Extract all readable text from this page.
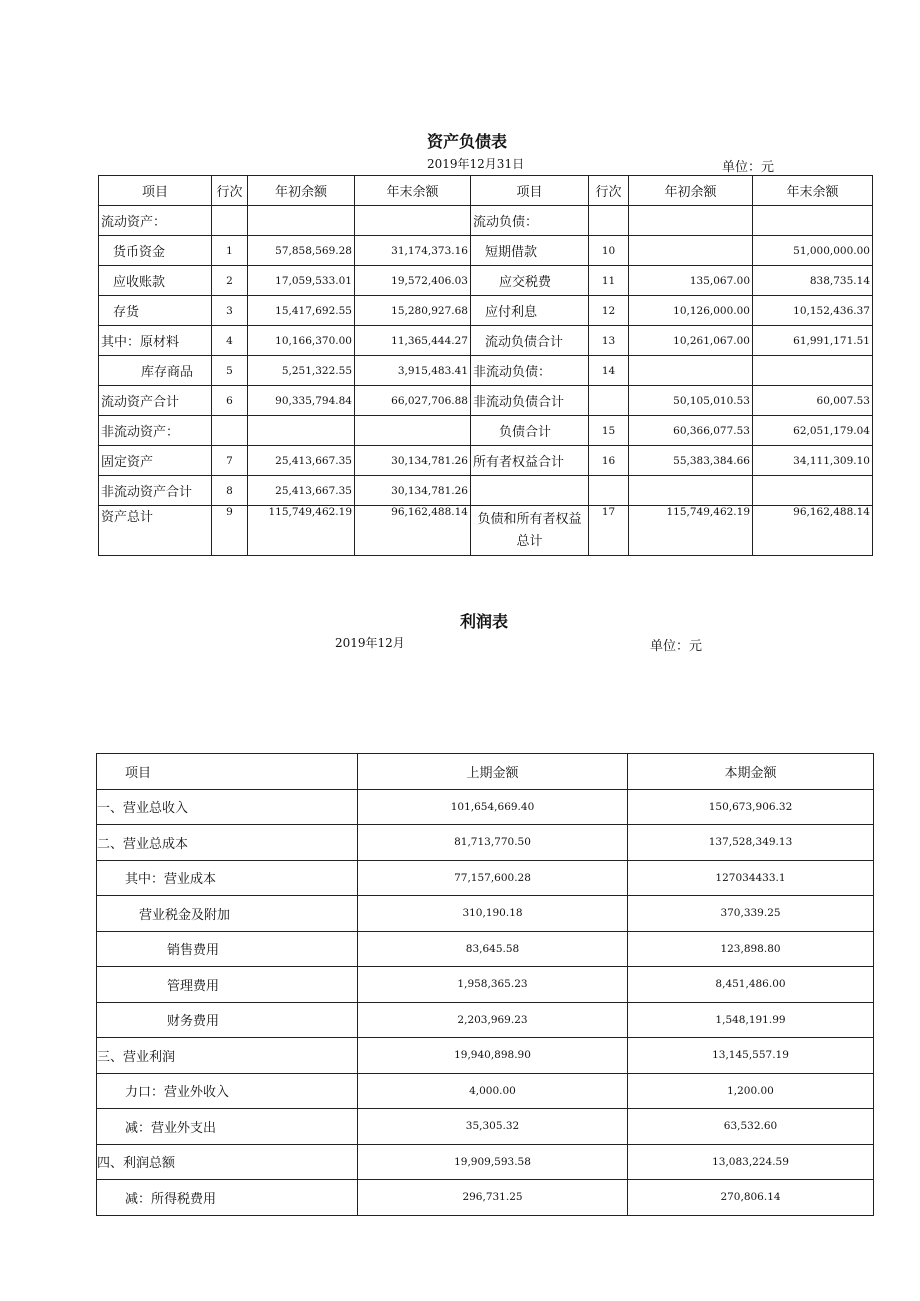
资产负债表
2019年12月31日	单位：元
项目	行次	年初余额	年末余额	项目	行次	年初余额	年末余额
流动资产：				流动负债：			
货币资金	1	57,858,569.28	31,174,373.16	短期借款	10		51,000,000.00
应收账款	2	17,059,533.01	19,572,406.03	应交税费	11	135,067.00	838,735.14
存货	3	15,417,692.55	15,280,927.68	应付利息	12	10,126,000.00	10,152,436.37
其中：原材料	4	10,166,370.00	11,365,444.27	流动负债合计	13	10,261,067.00	61,991,171.51
库存商品	5	5,251,322.55	3,915,483.41	非流动负债：	14		
流动资产合计	6	90,335,794.84	66,027,706.88	非流动负债合计		50,105,010.53	60,007.53
非流动资产：				负债合计	15	60,366,077.53	62,051,179.04
固定资产	7	25,413,667.35	30,134,781.26	所有者权益合计	16	55,383,384.66	34,111,309.10
非流动资产合计	8	25,413,667.35	30,134,781.26				
资产总计	9	115,749,462.19	96,162,488.14	负债和所有者权益总计	17	115,749,462.19	96,162,488.14
利润表
2019年12月	单位：元
项目	上期金额	本期金额
一、营业总收入	101,654,669.40	150,673,906.32
二、营业总成本	81,713,770.50	137,528,349.13
其中：营业成本	77,157,600.28	127034433.1
营业税金及附加	310,190.18	370,339.25
销售费用	83,645.58	123,898.80
管理费用	1,958,365.23	8,451,486.00
财务费用	2,203,969.23	1,548,191.99
三、营业利润	19,940,898.90	13,145,557.19
力口：营业外收入	4,000.00	1,200.00
减：营业外支出	35,305.32	63,532.60
四、利润总额	19,909,593.58	13,083,224.59
减：所得税费用	296,731.25	270,806.14
